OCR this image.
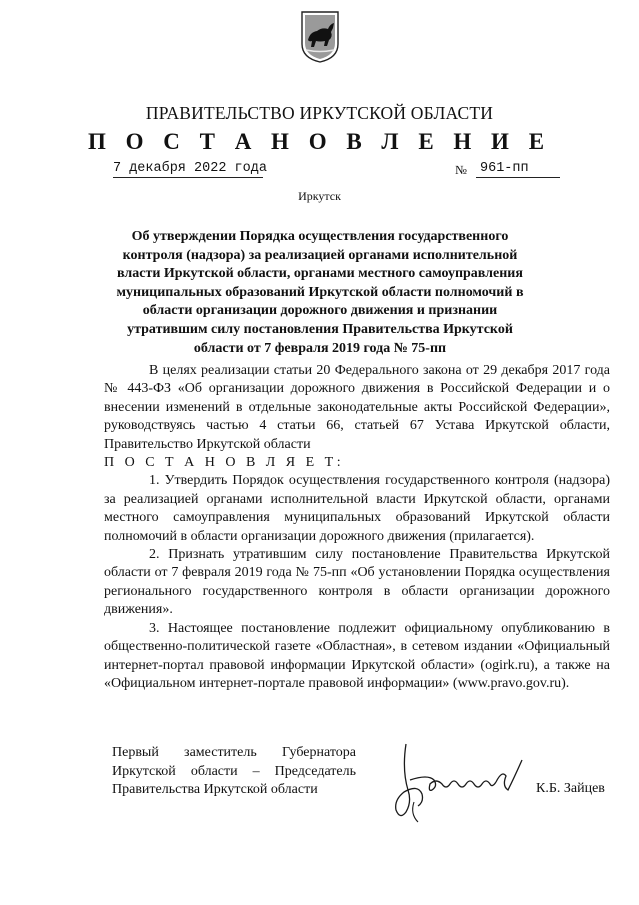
ПРАВИТЕЛЬСТВО ИРКУТСКОЙ ОБЛАСТИ
П О С Т А Н О В Л Е Н И Е
7 декабря 2022 года	№ 961-пп
Иркутск
Об утверждении Порядка осуществления государственного контроля (надзора) за реализацией органами исполнительной власти Иркутской области, органами местного самоуправления муниципальных образований Иркутской области полномочий в области организации дорожного движения и признании утратившим силу постановления Правительства Иркутской области от 7 февраля 2019 года № 75-пп

В целях реализации статьи 20 Федерального закона от 29 декабря 2017 года № 443-ФЗ «Об организации дорожного движения в Российской Федерации и о внесении изменений в отдельные законодательные акты Российской Федерации», руководствуясь частью 4 статьи 66, статьей 67 Устава Иркутской области, Правительство Иркутской области

П О С Т А Н О В Л Я Е Т:

1. Утвердить Порядок осуществления государственного контроля (надзора) за реализацией органами исполнительной власти Иркутской области, органами местного самоуправления муниципальных образований Иркутской области полномочий в области организации дорожного движения (прилагается).

2. Признать утратившим силу постановление Правительства Иркутской области от 7 февраля 2019 года № 75-пп «Об установлении Порядка осуществления регионального государственного контроля в области организации дорожного движения».

3. Настоящее постановление подлежит официальному опубликованию в общественно-политической газете «Областная», в сетевом издании «Официальный интернет-портал правовой информации Иркутской области» (ogirk.ru), а также на «Официальном интернет-портале правовой информации» (www.pravo.gov.ru).

Первый заместитель Губернатора
Иркутской области – Председатель
Правительства Иркутской области	К.Б. Зайцев
